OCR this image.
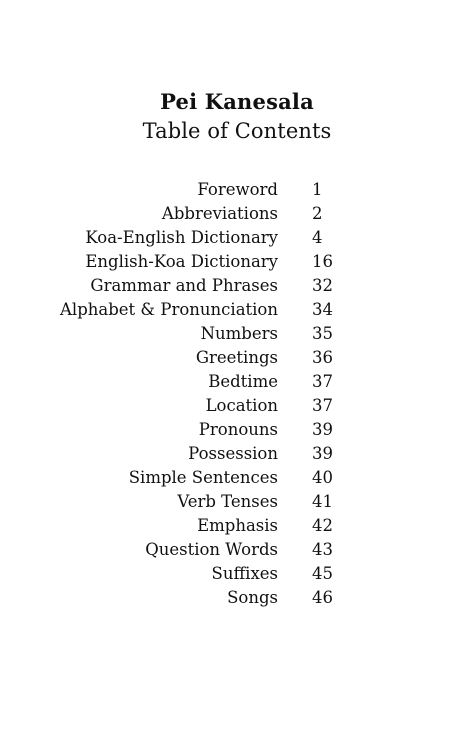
Pei Kanesala
Table of Contents
Foreword 1
Abbreviations 2
Koa-English Dictionary 4
English-Koa Dictionary 16
Grammar and Phrases 32
Alphabet & Pronunciation 34
Numbers 35
Greetings 36
Bedtime 37
Location 37
Pronouns 39
Possession 39
Simple Sentences 40
Verb Tenses 41
Emphasis 42
Question Words 43
Suffixes 45
Songs 46
